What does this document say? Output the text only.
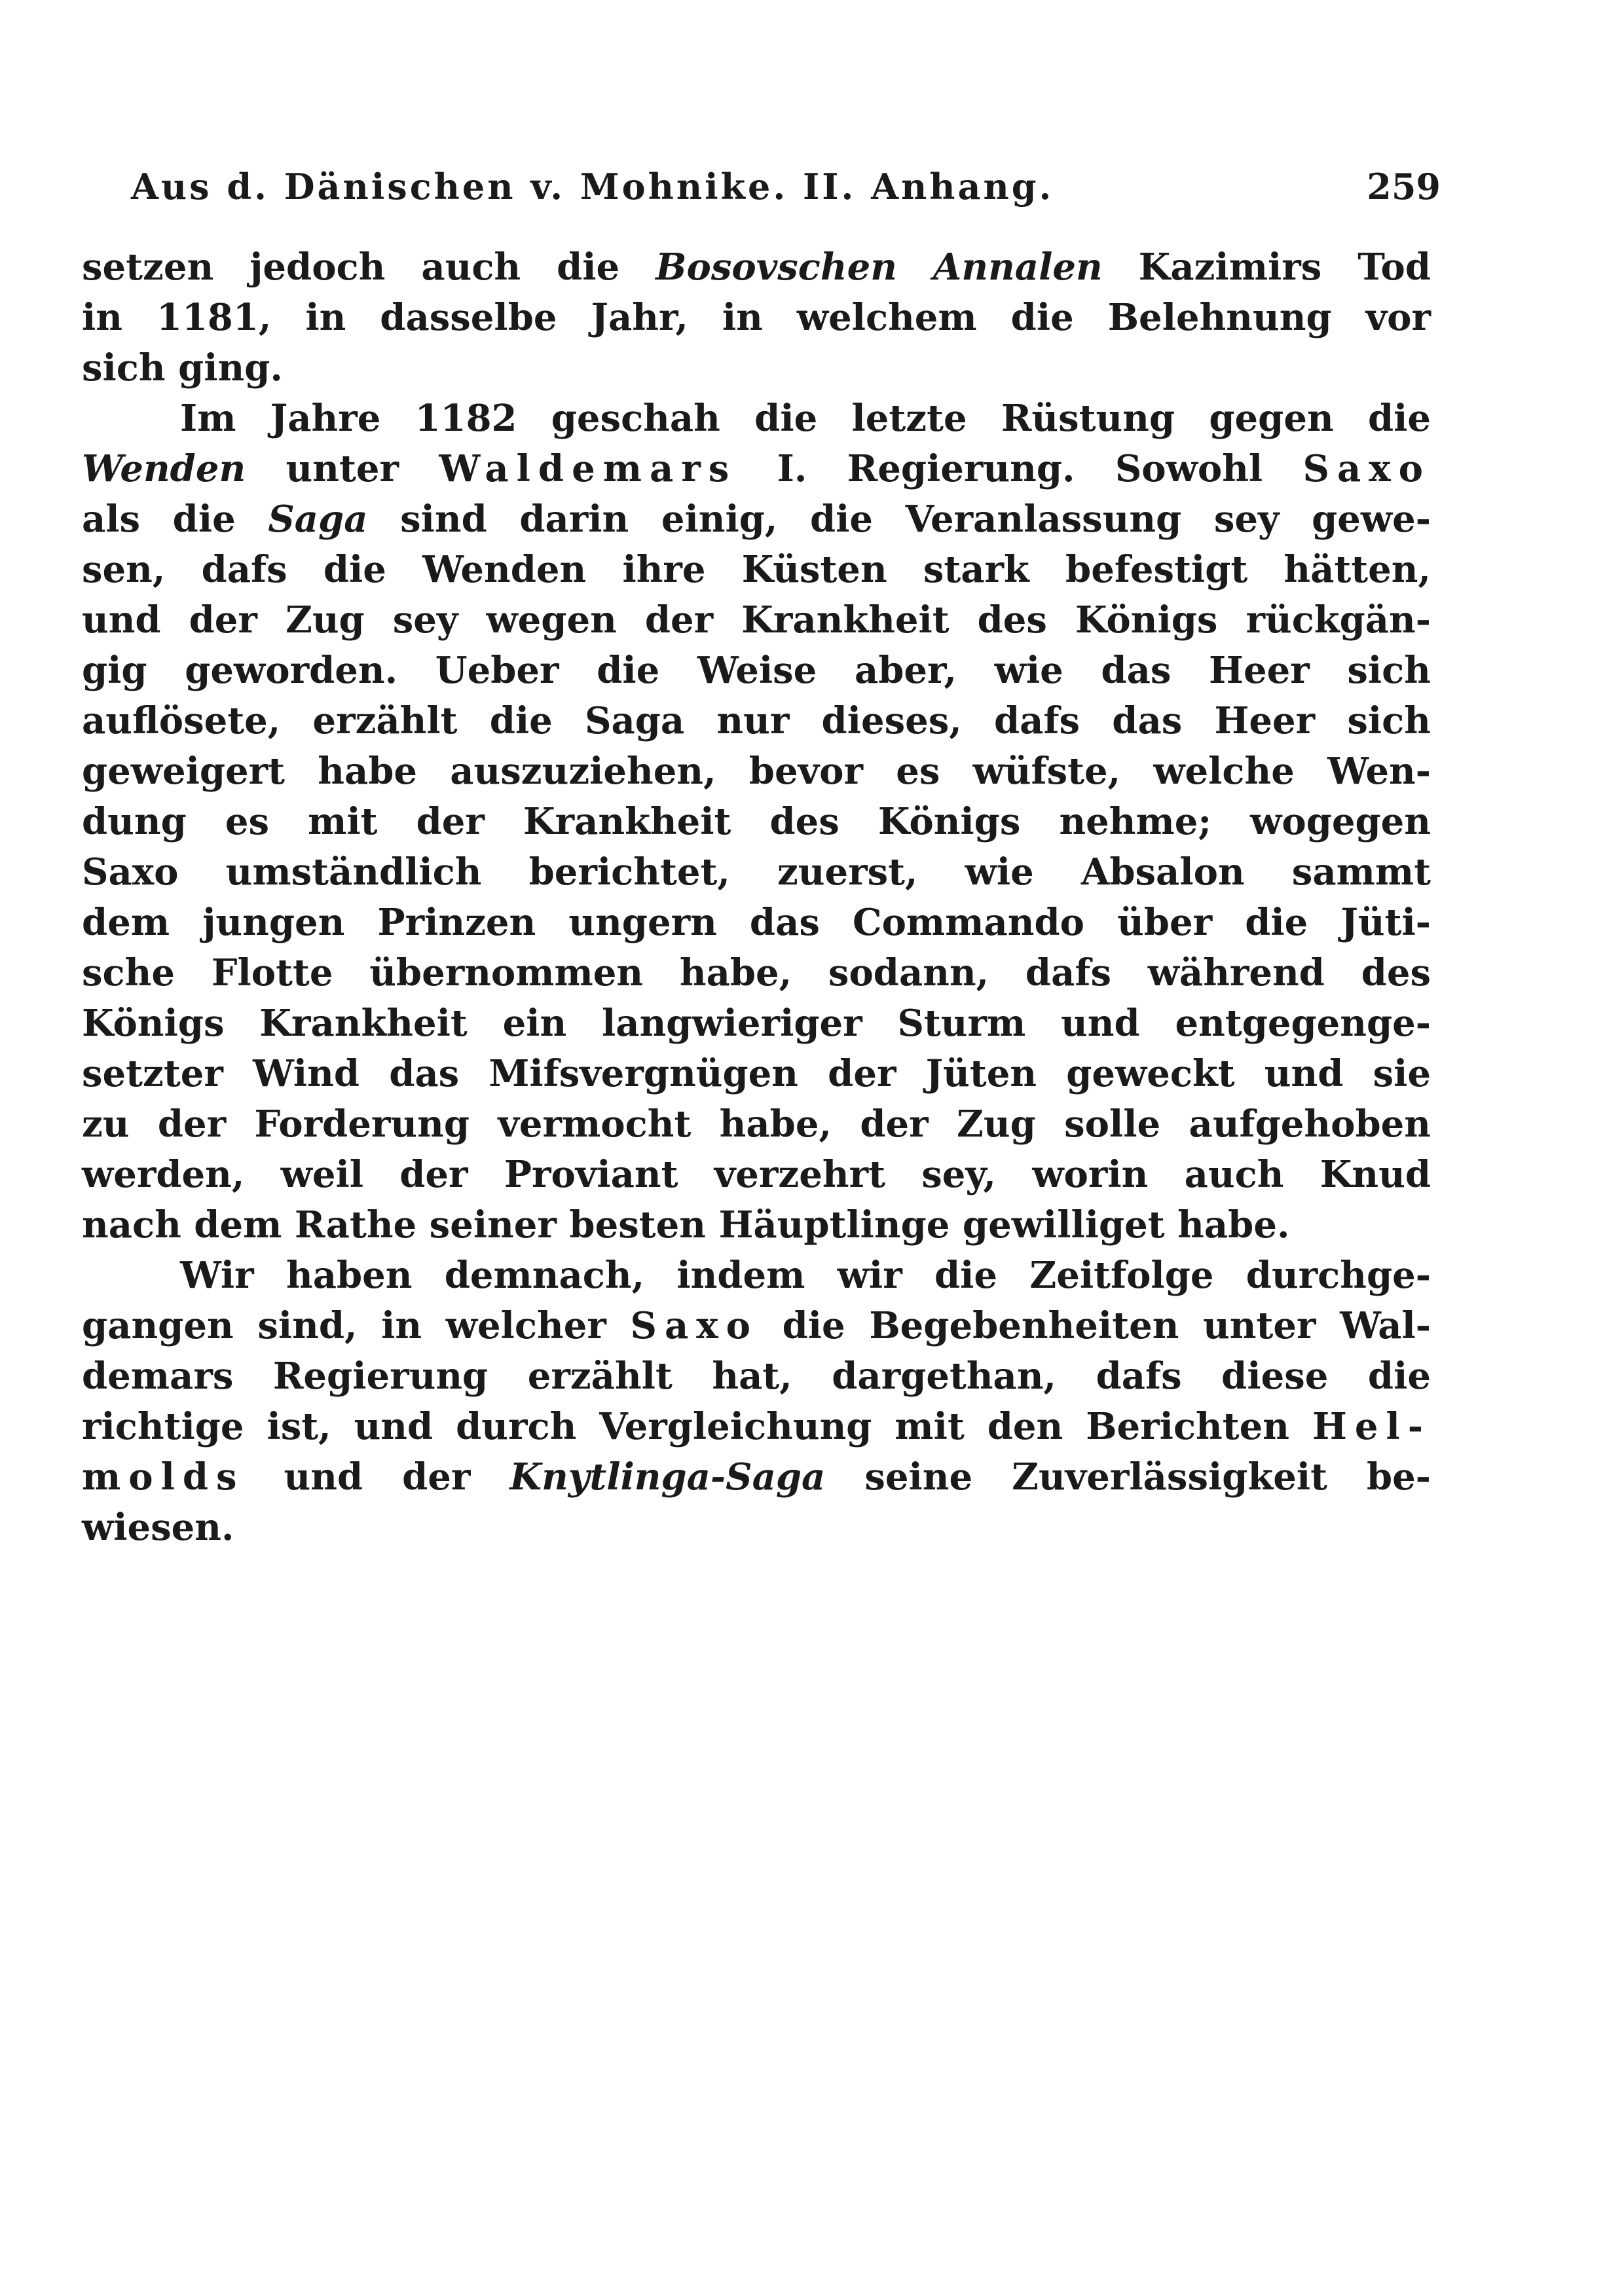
Aus d. Dänischen v. Mohnike. II. Anhang.	259
setzen jedoch auch die Bosovschen Annalen Kazimirs Tod
in 1181, in dasselbe Jahr, in welchem die Belehnung vor
sich ging.
Im Jahre 1182 geschah die letzte Rüstung gegen die
Wenden unter Waldemars I. Regierung. Sowohl Saxo
als die Saga sind darin einig, die Veranlassung sey gewe-
sen, dafs die Wenden ihre Küsten stark befestigt hätten,
und der Zug sey wegen der Krankheit des Königs rückgän-
gig geworden. Ueber die Weise aber, wie das Heer sich
auflösete, erzählt die Saga nur dieses, dafs das Heer sich
geweigert habe auszuziehen, bevor es wüfste, welche Wen-
dung es mit der Krankheit des Königs nehme; wogegen
Saxo umständlich berichtet, zuerst, wie Absalon sammt
dem jungen Prinzen ungern das Commando über die Jüti-
sche Flotte übernommen habe, sodann, dafs während des
Königs Krankheit ein langwieriger Sturm und entgegenge-
setzter Wind das Mifsvergnügen der Jüten geweckt und sie
zu der Forderung vermocht habe, der Zug solle aufgehoben
werden, weil der Proviant verzehrt sey, worin auch Knud
nach dem Rathe seiner besten Häuptlinge gewilliget habe.
Wir haben demnach, indem wir die Zeitfolge durchge-
gangen sind, in welcher Saxo die Begebenheiten unter Wal-
demars Regierung erzählt hat, dargethan, dafs diese die
richtige ist, und durch Vergleichung mit den Berichten Hel-
molds und der Knytlinga-Saga seine Zuverlässigkeit be-
wiesen.
